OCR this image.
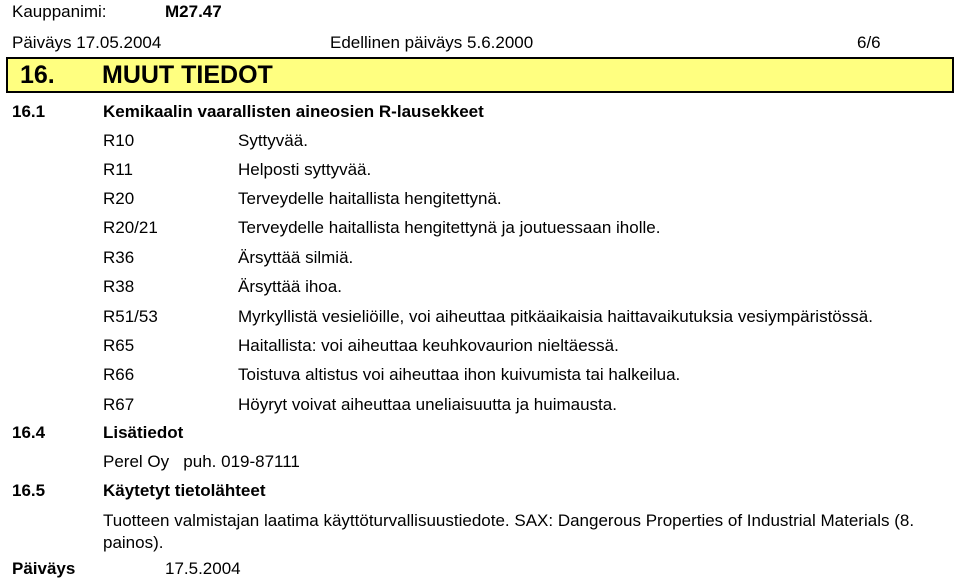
Kauppanimi:	M27.47
Päiväys 17.05.2004	Edellinen päiväys 5.6.2000	6/6
16. MUUT TIEDOT
16.1	Kemikaalin vaarallisten aineosien R-lausekkeet
R10	Syttyvää.
R11	Helposti syttyvää.
R20	Terveydelle haitallista hengitettynä.
R20/21	Terveydelle haitallista hengitettynä ja joutuessaan iholle.
R36	Ärsyttää silmiä.
R38	Ärsyttää ihoa.
R51/53	Myrkyllistä vesieliöille, voi aiheuttaa pitkäaikaisia haittavaikutuksia vesiympäristössä.
R65	Haitallista: voi aiheuttaa keuhkovaurion nieltäessä.
R66	Toistuva altistus voi aiheuttaa ihon kuivumista tai halkeilua.
R67	Höyryt voivat aiheuttaa uneliaisuutta ja huimausta.
16.4	Lisätiedot
Perel Oy   puh. 019-87111
16.5	Käytetyt tietolähteet
Tuotteen valmistajan laatima käyttöturvallisuustiedote. SAX: Dangerous Properties of Industrial Materials (8. painos).
Päiväys	17.5.2004
